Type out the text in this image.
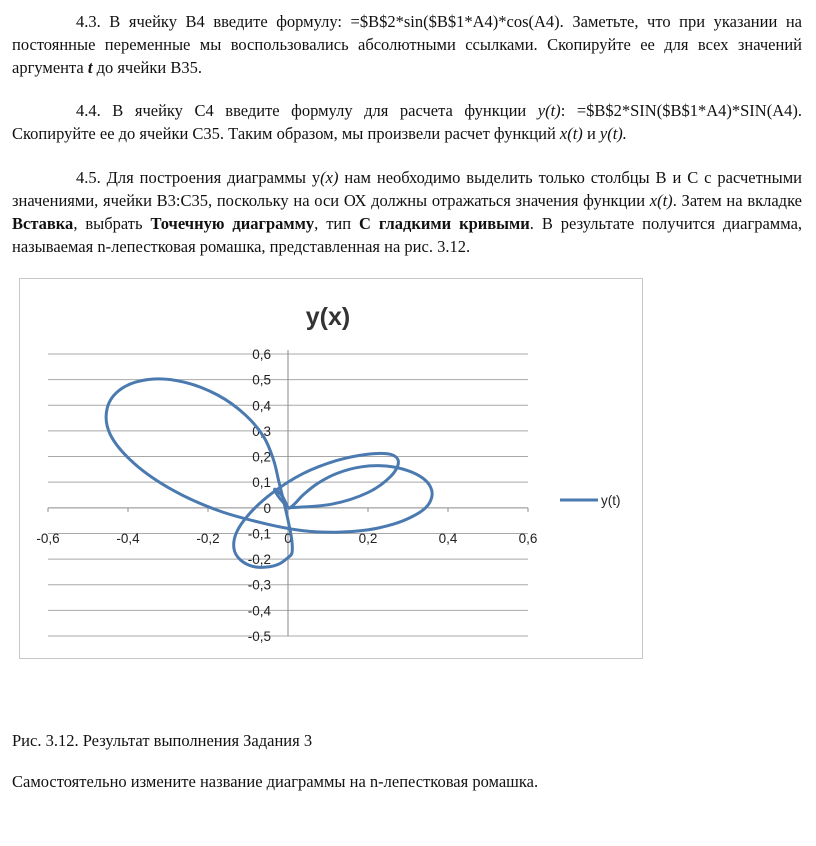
4.3. В ячейку В4 введите формулу: =$B$2*sin($B$1*A4)*cos(A4). Заметьте, что при указании на постоянные переменные мы воспользовались абсолютными ссылками. Скопируйте ее для всех значений аргумента t до ячейки В35.
4.4. В ячейку С4 введите формулу для расчета функции y(t): =$B$2*SIN($B$1*A4)*SIN(A4). Скопируйте ее до ячейки С35. Таким образом, мы произвели расчет функций x(t) и y(t).
4.5. Для построения диаграммы у(x) нам необходимо выделить только столбцы B и C с расчетными значениями, ячейки В3:С35, поскольку на оси ОХ должны отражаться значения функции x(t). Затем на вкладке Вставка, выбрать Точечную диаграмму, тип С гладкими кривыми. В результате получится диаграмма, называемая n-лепестковая ромашка, представленная на рис. 3.12.
0,6
0,5
0,4
0,3
0,2
0,1
0
-0,1
-0,2
-0,3
-0,4
-0,5
-0,6	-0,4	-0,2	0	0,2	0,4	0,6
y(x)
y(t)
Рис. 3.12. Результат выполнения Задания 3
Самостоятельно измените название диаграммы на n-лепестковая ромашка.
